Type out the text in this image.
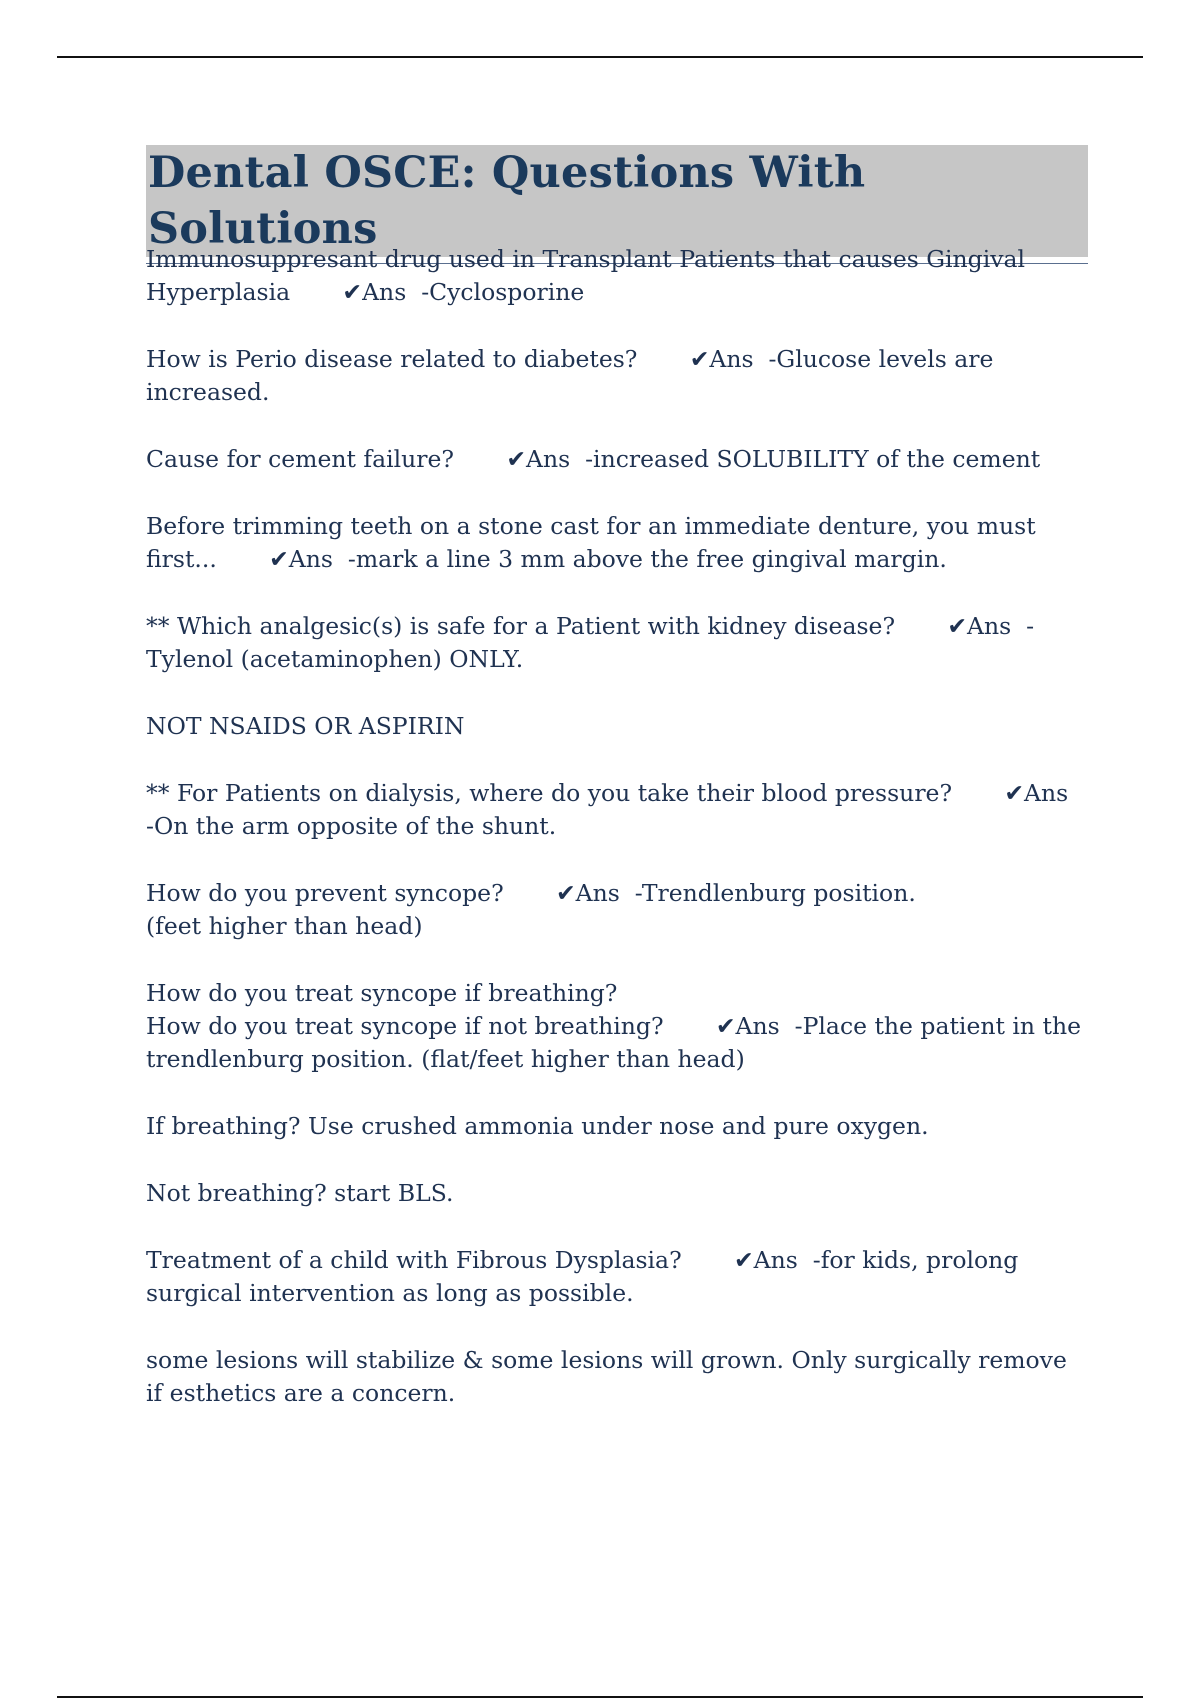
Dental OSCE: Questions With Solutions
Immunosuppresant drug used in Transplant Patients that causes Gingival
Hyperplasia       ✔Ans  -Cyclosporine
How is Perio disease related to diabetes?       ✔Ans  -Glucose levels are
increased.
Cause for cement failure?       ✔Ans  -increased SOLUBILITY of the cement
Before trimming teeth on a stone cast for an immediate denture, you must
first...       ✔Ans  -mark a line 3 mm above the free gingival margin.
** Which analgesic(s) is safe for a Patient with kidney disease?       ✔Ans  -
Tylenol (acetaminophen) ONLY.
NOT NSAIDS OR ASPIRIN
** For Patients on dialysis, where do you take their blood pressure?       ✔Ans
-On the arm opposite of the shunt.
How do you prevent syncope?       ✔Ans  -Trendlenburg position.
(feet higher than head)
How do you treat syncope if breathing?
How do you treat syncope if not breathing?       ✔Ans  -Place the patient in the
trendlenburg position. (flat/feet higher than head)
If breathing? Use crushed ammonia under nose and pure oxygen.
Not breathing? start BLS.
Treatment of a child with Fibrous Dysplasia?       ✔Ans  -for kids, prolong
surgical intervention as long as possible.
some lesions will stabilize & some lesions will grown. Only surgically remove
if esthetics are a concern.
